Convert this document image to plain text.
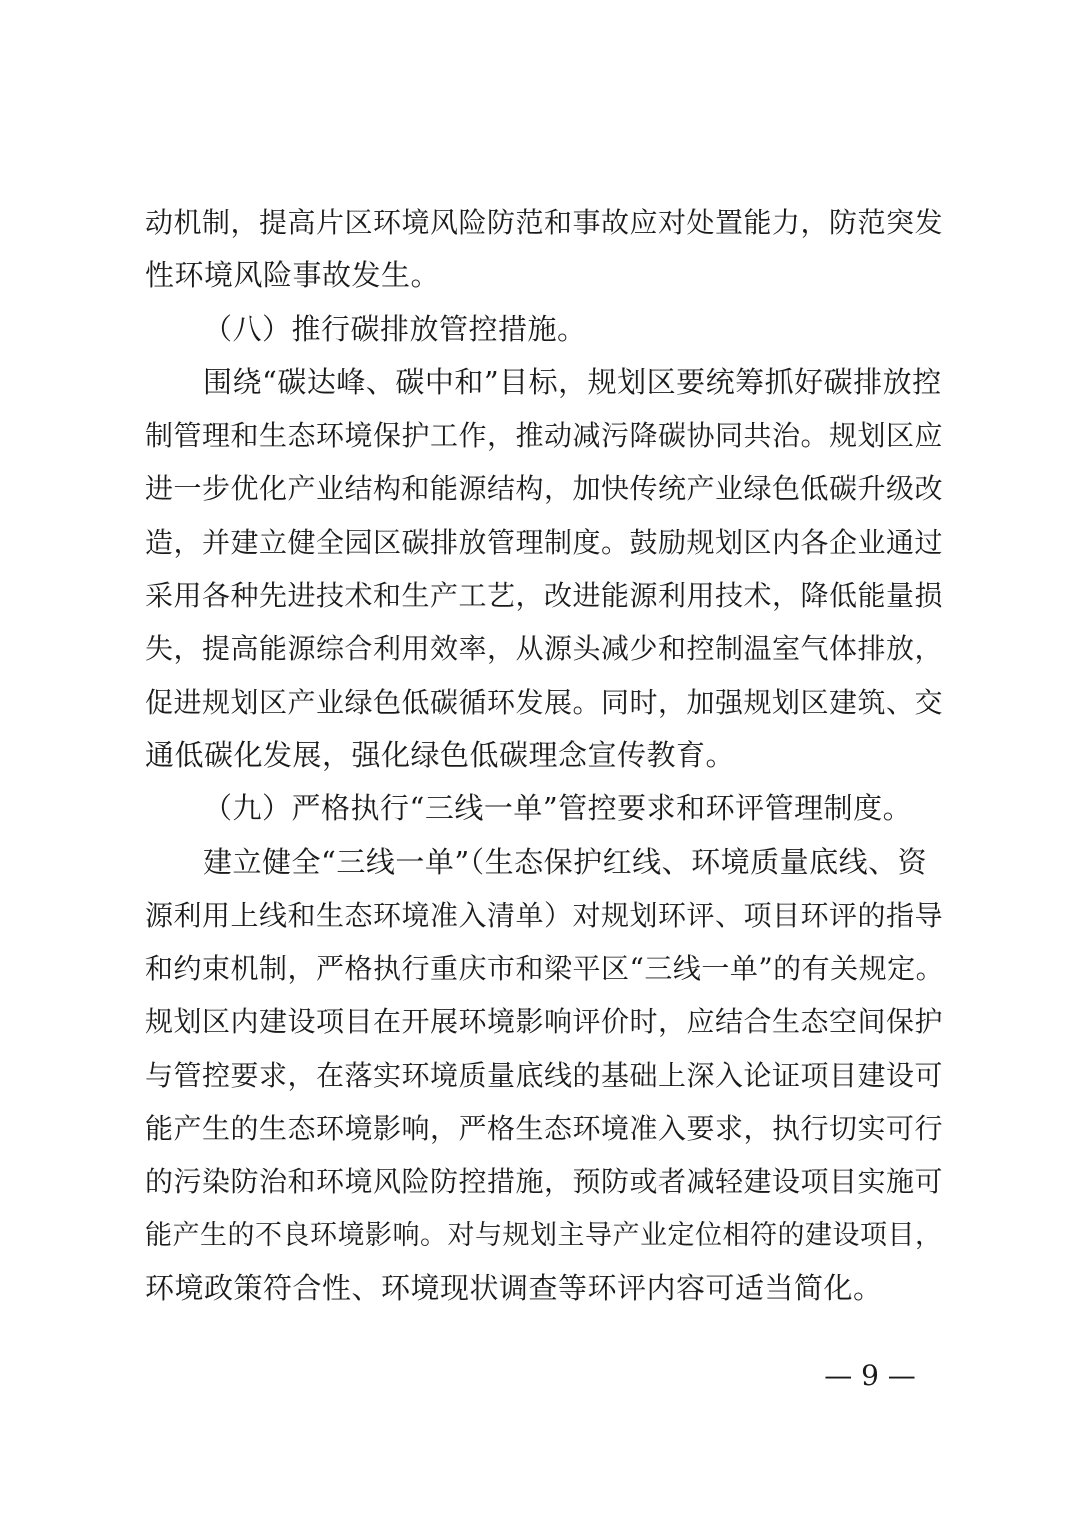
动机制，提高片区环境风险防范和事故应对处置能力，防范突发
性环境风险事故发生。
（八）推行碳排放管控措施。
围绕“碳达峰、碳中和”目标，规划区要统筹抓好碳排放控
制管理和生态环境保护工作，推动减污降碳协同共治。规划区应
进一步优化产业结构和能源结构，加快传统产业绿色低碳升级改
造，并建立健全园区碳排放管理制度。鼓励规划区内各企业通过
采用各种先进技术和生产工艺，改进能源利用技术，降低能量损
失，提高能源综合利用效率，从源头减少和控制温室气体排放，
促进规划区产业绿色低碳循环发展。同时，加强规划区建筑、交
通低碳化发展，强化绿色低碳理念宣传教育。
（九）严格执行“三线一单”管控要求和环评管理制度。
建立健全“三线一单”（生态保护红线、环境质量底线、资
源利用上线和生态环境准入清单）对规划环评、项目环评的指导
和约束机制，严格执行重庆市和梁平区“三线一单”的有关规定。
规划区内建设项目在开展环境影响评价时，应结合生态空间保护
与管控要求，在落实环境质量底线的基础上深入论证项目建设可
能产生的生态环境影响，严格生态环境准入要求，执行切实可行
的污染防治和环境风险防控措施，预防或者减轻建设项目实施可
能产生的不良环境影响。对与规划主导产业定位相符的建设项目，
环境政策符合性、环境现状调查等环评内容可适当简化。
— 9 —
